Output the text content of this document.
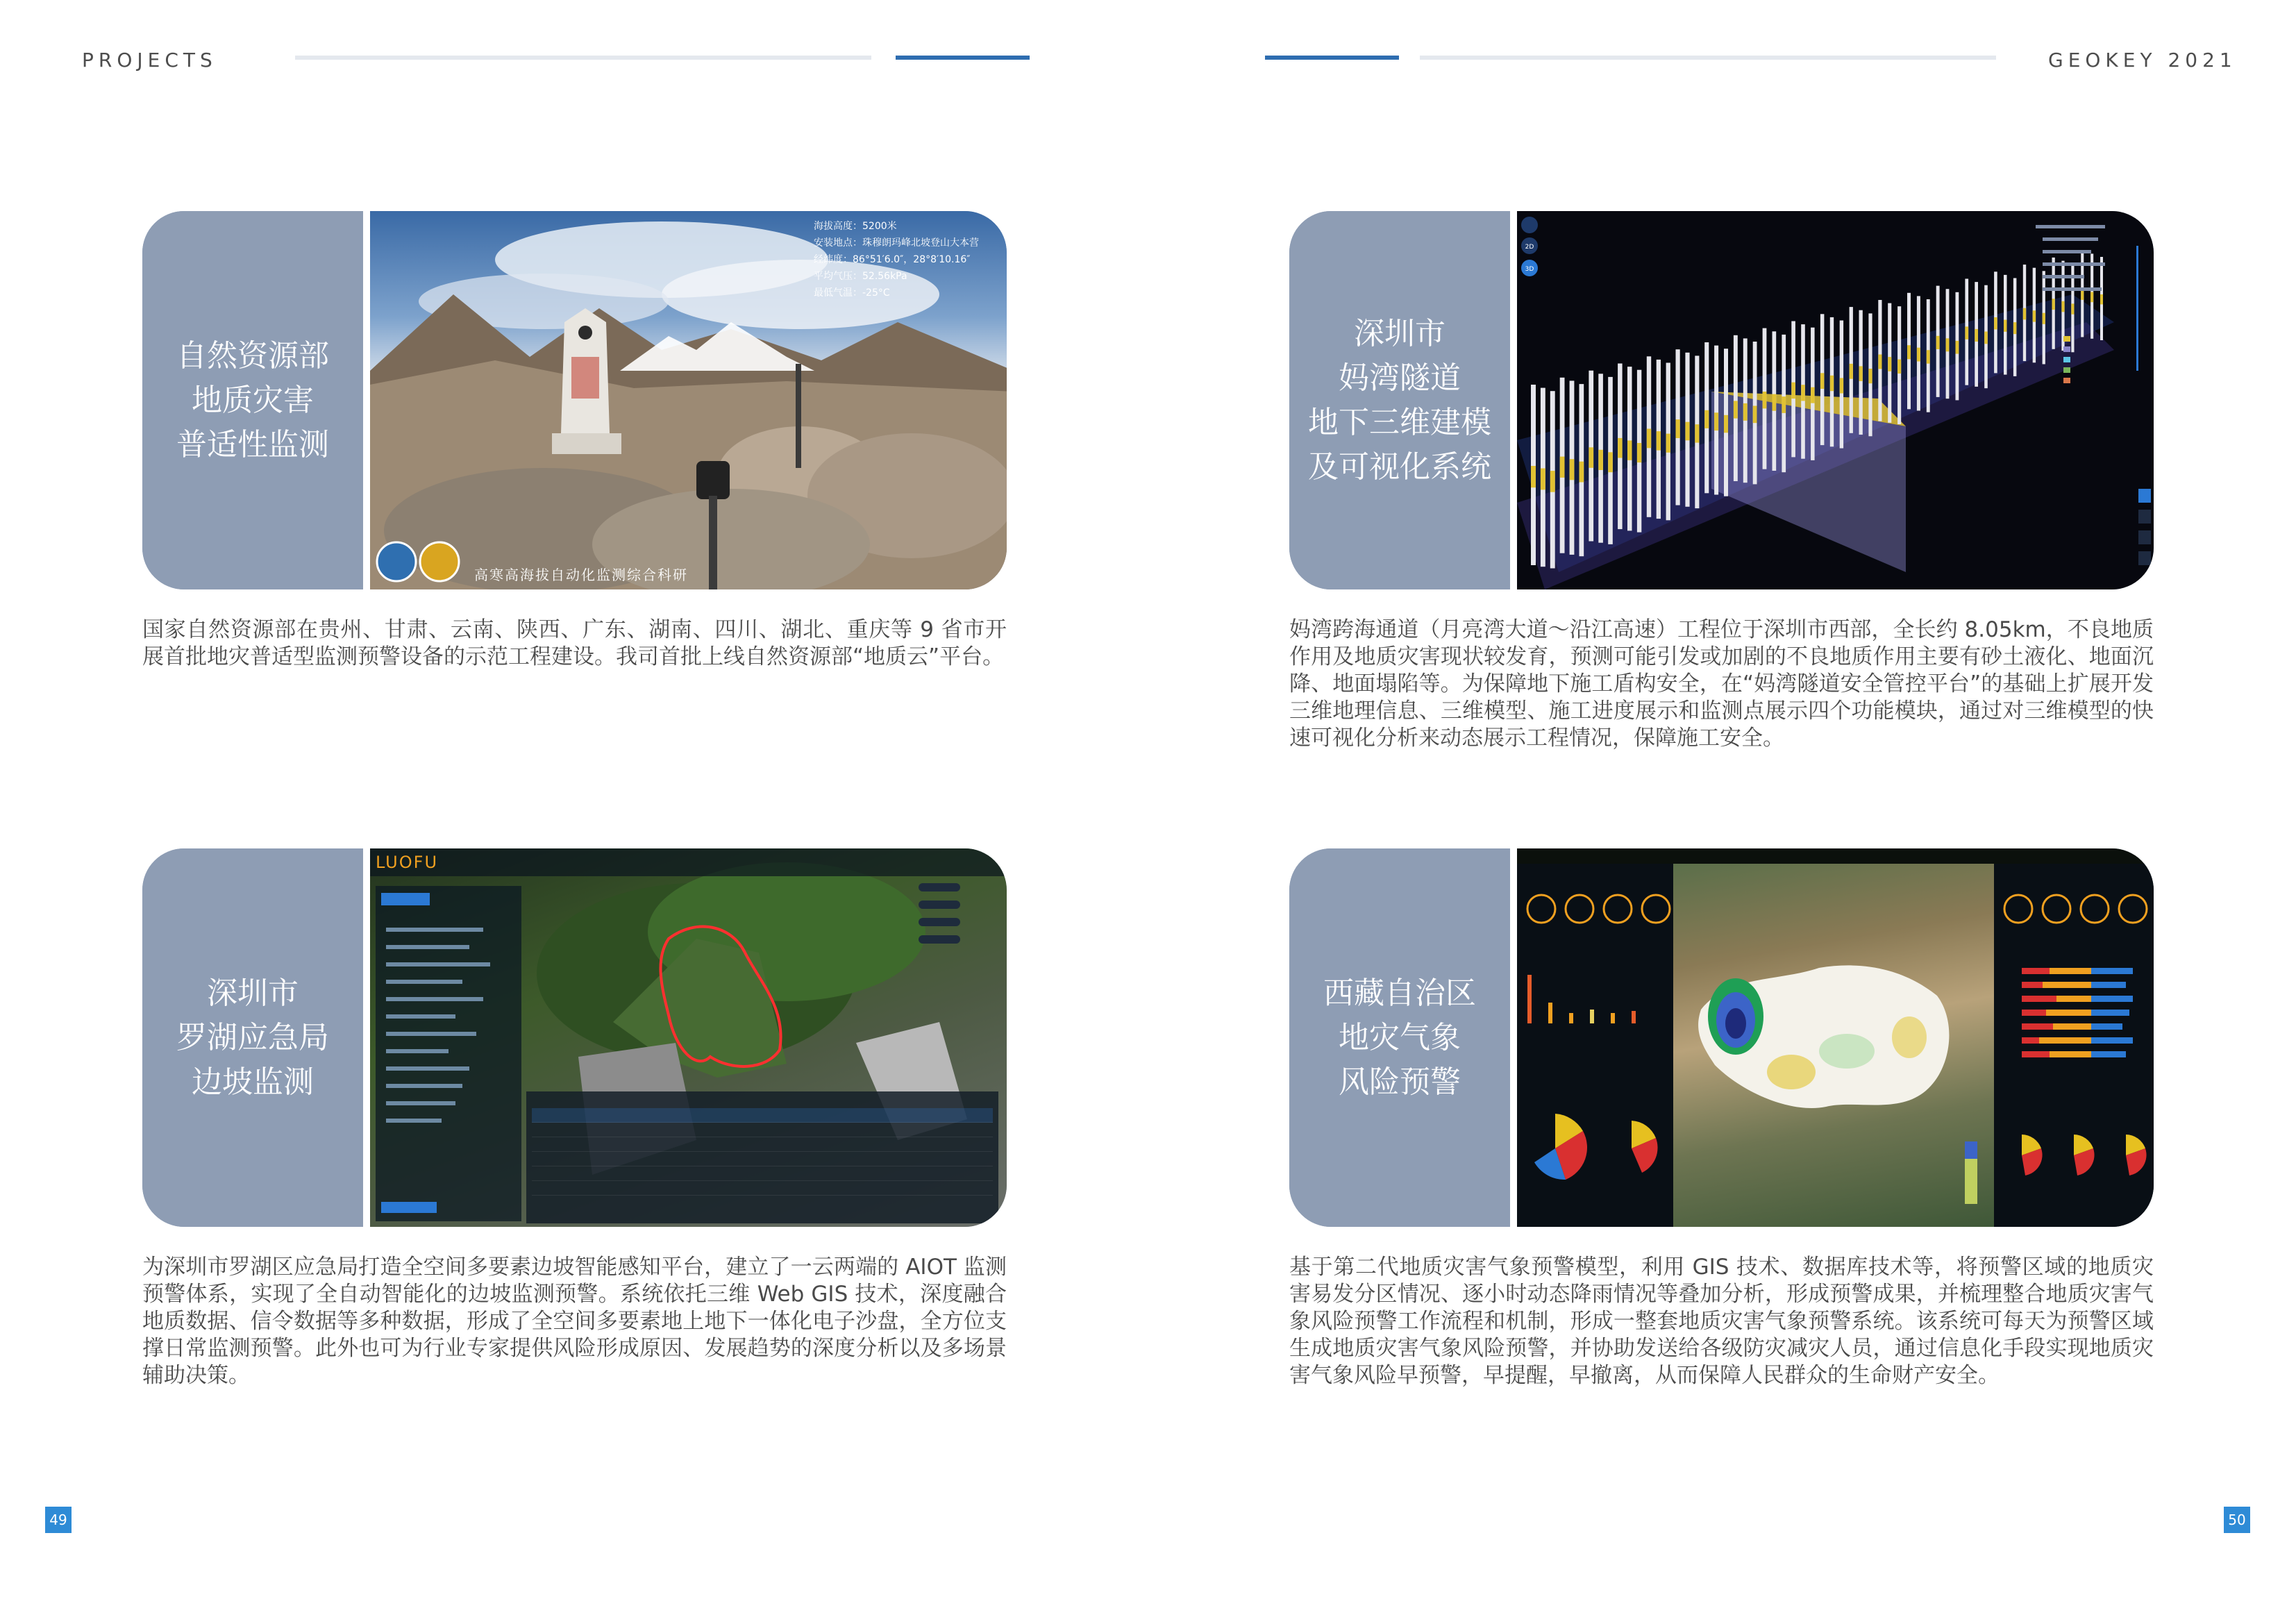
PROJECTS	GEOKEY 2021
自然资源部
地质灾害
普适性监测
海拔高度：5200米
安装地点：珠穆朗玛峰北坡登山大本营
经纬度：86°51′6.0″，28°8′10.16″
平均气压：52.56kPa
最低气温：-25°C
高寒高海拔自动化监测综合科研
国家自然资源部在贵州、甘肃、云南、陕西、广东、湖南、四川、湖北、重庆等 9 省市开展首批地灾普适型监测预警设备的示范工程建设。我司首批上线自然资源部“地质云”平台。
深圳市
妈湾隧道
地下三维建模
及可视化系统
2D
3D
妈湾跨海通道（月亮湾大道～沿江高速）工程位于深圳市西部，全长约 8.05km，不良地质作用及地质灾害现状较发育，预测可能引发或加剧的不良地质作用主要有砂土液化、地面沉降、地面塌陷等。为保障地下施工盾构安全，在“妈湾隧道安全管控平台”的基础上扩展开发三维地理信息、三维模型、施工进度展示和监测点展示四个功能模块，通过对三维模型的快速可视化分析来动态展示工程情况，保障施工安全。
深圳市
罗湖应急局
边坡监测
LUOFU
为深圳市罗湖区应急局打造全空间多要素边坡智能感知平台，建立了一云两端的 AIOT 监测预警体系，实现了全自动智能化的边坡监测预警。系统依托三维 Web GIS 技术，深度融合地质数据、信令数据等多种数据，形成了全空间多要素地上地下一体化电子沙盘，全方位支撑日常监测预警。此外也可为行业专家提供风险形成原因、发展趋势的深度分析以及多场景辅助决策。
西藏自治区
地灾气象
风险预警
基于第二代地质灾害气象预警模型，利用 GIS 技术、数据库技术等，将预警区域的地质灾害易发分区情况、逐小时动态降雨情况等叠加分析，形成预警成果，并梳理整合地质灾害气象风险预警工作流程和机制，形成一整套地质灾害气象预警系统。该系统可每天为预警区域生成地质灾害气象风险预警，并协助发送给各级防灾减灾人员，通过信息化手段实现地质灾害气象风险早预警，早提醒，早撤离，从而保障人民群众的生命财产安全。
49	50
